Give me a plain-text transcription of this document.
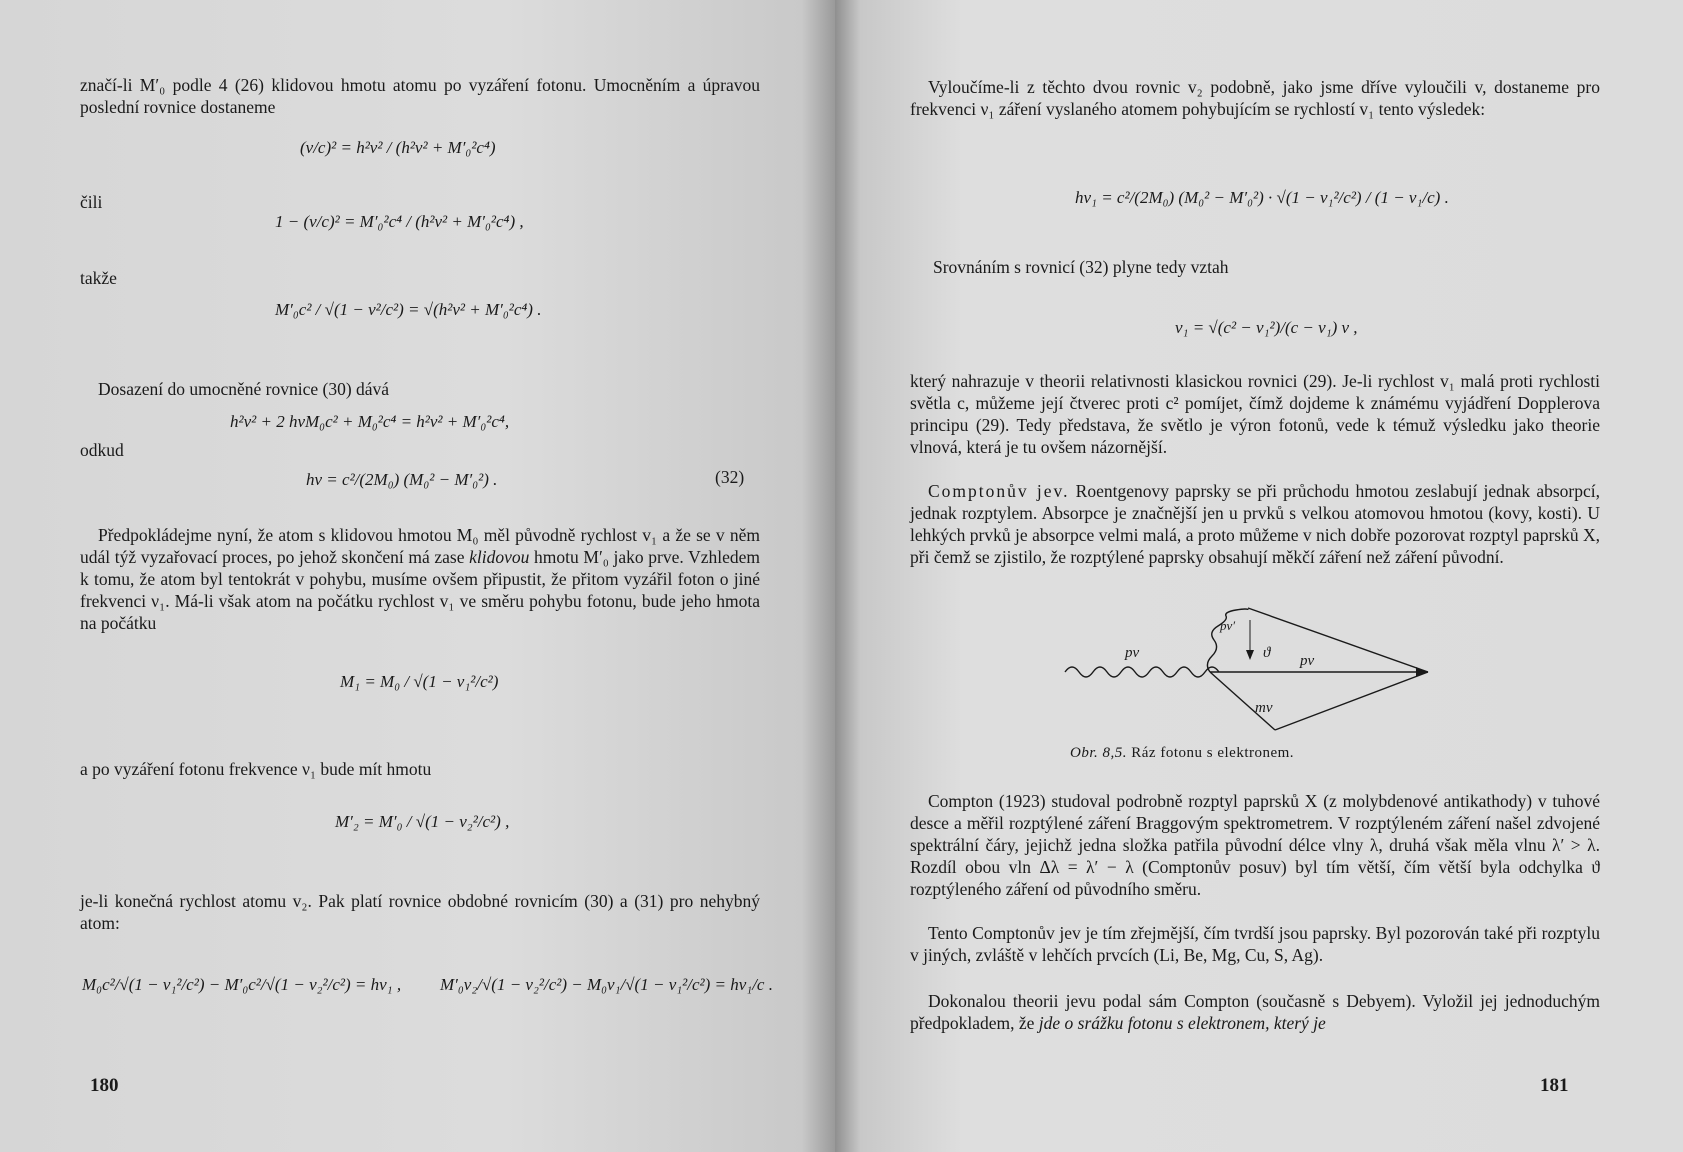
značí-li M′₀ podle 4 (26) klidovou hmotu atomu po vyzáření fotonu. Umocněním a úpravou poslední rovnice dostaneme

(v/c)² = h²ν² / (h²ν² + M′₀²c⁴)
čili
1 − (v/c)² = M′₀²c⁴ / (h²ν² + M′₀²c⁴) ,
takže
M′₀c² / √(1 − v²/c²) = √(h²ν² + M′₀²c⁴) .

Dosazení do umocněné rovnice (30) dává

h²ν² + 2 hνM₀c² + M₀²c⁴ = h²ν² + M′₀²c⁴,
odkud
hν = c²/(2M₀) (M₀² − M′₀²) .	(32)

Předpokládejme nyní, že atom s klidovou hmotou M₀ měl původně rychlost v₁ a že se v něm udál týž vyzařovací proces, po jehož skončení má zase klidovou hmotu M′₀ jako prve. Vzhledem k tomu, že atom byl tentokrát v pohybu, musíme ovšem připustit, že přitom vyzářil foton o jiné frekvenci ν₁. Má-li však atom na počátku rychlost v₁ ve směru pohybu fotonu, bude jeho hmota na počátku

M₁ = M₀ / √(1 − v₁²/c²)

a po vyzáření fotonu frekvence ν₁ bude mít hmotu

M′₂ = M′₀ / √(1 − v₂²/c²) ,

je-li konečná rychlost atomu v₂. Pak platí rovnice obdobné rovnicím (30) a (31) pro nehybný atom:

M₀c²/√(1 − v₁²/c²) − M′₀c²/√(1 − v₂²/c²) = hν₁ , M′₀v₂/√(1 − v₂²/c²) − M₀v₁/√(1 − v₁²/c²) = hν₁/c .
180

Vyloučíme-li z těchto dvou rovnic v₂ podobně, jako jsme dříve vyloučili v, dostaneme pro frekvenci ν₁ záření vyslaného atomem pohybujícím se rychlostí v₁ tento výsledek:

hν₁ = c²/(2M₀) (M₀² − M′₀²) · √(1 − v₁²/c²) / (1 − v₁/c) .

Srovnáním s rovnicí (32) plyne tedy vztah

ν₁ = √(c² − v₁²)/(c − v₁) ν ,

který nahrazuje v theorii relativnosti klasickou rovnici (29). Je-li rychlost v₁ malá proti rychlosti světla c, můžeme její čtverec proti c² pomíjet, čímž dojdeme k známému vyjádření Dopplerova principu (29). Tedy představa, že světlo je výron fotonů, vede k témuž výsledku jako theorie vlnová, která je tu ovšem názornější.

Comptonův jev. Roentgenovy paprsky se při průchodu hmotou zeslabují jednak absorpcí, jednak rozptylem. Absorpce je značnější jen u prvků s velkou atomovou hmotou (kovy, kosti). U lehkých prvků je absorpce velmi malá, a proto můžeme v nich dobře pozorovat rozptyl paprsků X, při čemž se zjistilo, že rozptýlené paprsky obsahují měkčí záření než záření původní.

pν
pν′
ϑ pν
mv
Obr. 8,5. Ráz fotonu s elektronem.

Compton (1923) studoval podrobně rozptyl paprsků X (z molybdenové antikathody) v tuhové desce a měřil rozptýlené záření Braggovým spektrometrem. V rozptýleném záření našel zdvojené spektrální čáry, jejichž jedna složka patřila původní délce vlny λ, druhá však měla vlnu λ′ > λ. Rozdíl obou vln Δλ = λ′ − λ (Comptonův posuv) byl tím větší, čím větší byla odchylka ϑ rozptýleného záření od původního směru.

Tento Comptonův jev je tím zřejmější, čím tvrdší jsou paprsky. Byl pozorován také při rozptylu v jiných, zvláště v lehčích prvcích (Li, Be, Mg, Cu, S, Ag).

Dokonalou theorii jevu podal sám Compton (současně s Debyem). Vyložil jej jednoduchým předpokladem, že jde o srážku fotonu s elektronem, který je

181
